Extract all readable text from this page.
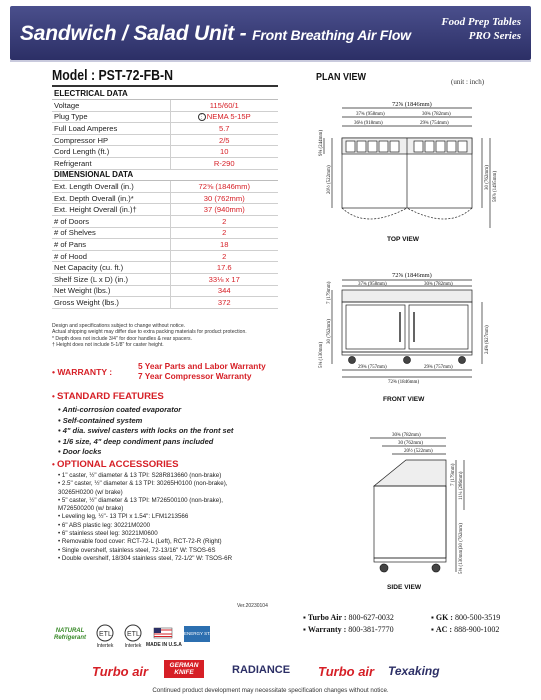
Sandwich / Salad Unit - Front Breathing Air Flow
Food Prep Tables
PRO Series
Model : PST-72-FB-N
ELECTRICAL DATA	
Voltage	115/60/1
Plug Type	⋮ NEMA 5-15P
Full Load Amperes	5.7
Compressor HP	2/5
Cord Length (ft.)	10
Refrigerant	R-290
DIMENSIONAL DATA	
Ext. Length Overall (in.)	72⅝ (1846mm)
Ext. Depth Overall (in.)*	30 (762mm)
Ext. Height Overall (in.)†	37 (940mm)
# of Doors	2
# of Shelves	2
# of Pans	18
# of Hood	2
Net Capacity (cu. ft.)	17.6
Shelf Size (L x D) (in.)	33⅛ x 17
Net Weight (lbs.)	344
Gross Weight (lbs.)	372
Design and specifications subject to change without notice.
Actual shipping weight may differ due to extra packing materials for product protection.
* Depth does not include 3/4" for door handles & rear spacers.
† Height does not include 5-1/8" for caster height.
• WARRANTY :
5 Year Parts and Labor Warranty
7 Year Compressor Warranty
• STANDARD FEATURES
• Anti-corrosion coated evaporator
• Self-contained system
• 4" dia. swivel casters with locks on the front set
• 1/6 size, 4" deep condiment pans included
• Door locks
• OPTIONAL ACCESSORIES
• 1" caster, ½" diameter & 13 TPI: S28R813660 (non-brake)
• 2.5" caster, ½" diameter & 13 TPI: 30265H0100 (non-brake),
30265H0200 (w/ brake)
• 5" caster, ½" diameter & 13 TPI: M726500100 (non-brake),
M726500200 (w/ brake)
• Leveling leg, ½"- 13 TPI x 1.54": LFM1213566
• 6" ABS plastic leg: 30221M0200
• 6" stainless steel leg: 30221M0600
• Removable food cover: RCT-72-L (Left), RCT-72-R (Right)
• Single overshelf, stainless steel, 72-13/16" W: TSOS-6S
• Double overshelf, 18/304 stainless steel, 72-1/2" W: TSOS-6R
Ver.20230104
PLAN VIEW	(unit : inch)
72⅝ (1846mm)
37¾ (958mm)	30¾ (782mm)
36⅛ (918mm)	29¾ (754mm)
20½ (522mm)
9⅝ (244mm)
30 (762mm) 58⅞ (1495mm)
72⅝ (1846mm)
37¾ (958mm)	30¾ (782mm)
7 (179mm)
30 (762mm)
5⅛ (130mm)
24⅝ (627mm)
29¾ (757mm)	29¾ (757mm)
72⅝ (1846mm)
30¾ (782mm)
30 (762mm)
20½ (522mm)
7 (179mm) 11¼ (286mm)
30 (762mm)
5⅛ (130mm)
TOP VIEW
FRONT VIEW
SIDE VIEW
▪ Turbo Air : 800-627-0032
▪ Warranty : 800-381-7770
▪ GK : 800-500-3519
▪ AC : 888-900-1002
NATURAL Refrigerant ETL
Intertek
ETL
Intertek MADE IN U.S.A
ENERGY STAR
Turbo air	GERMAN KNIFE	RADIANCE Turbo air Texaking
Continued product development may necessitate specification changes without notice.
